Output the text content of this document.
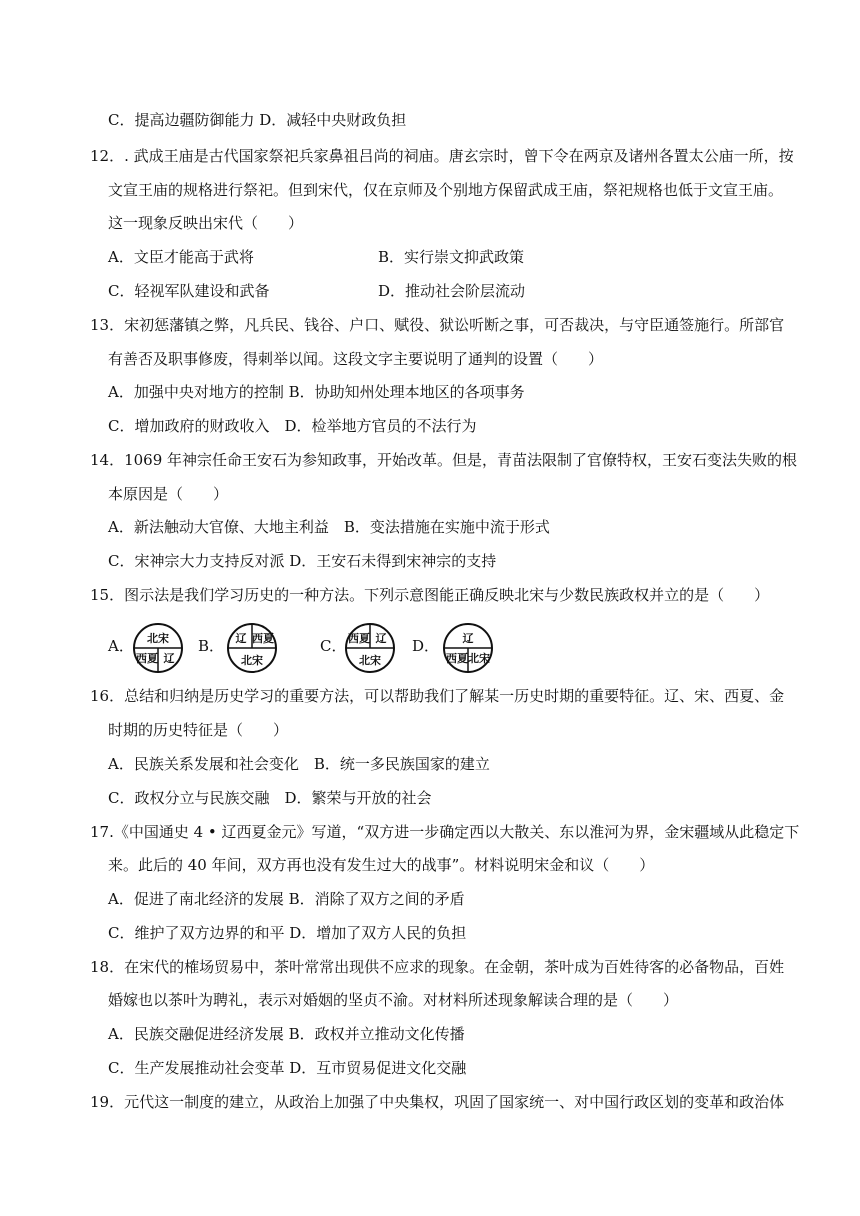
C．提高边疆防御能力 D．减轻中央财政负担
12．. 武成王庙是古代国家祭祀兵家鼻祖吕尚的祠庙。唐玄宗时，曾下令在两京及诸州各置太公庙一所，按
文宣王庙的规格进行祭祀。但到宋代，仅在京师及个别地方保留武成王庙，祭祀规格也低于文宣王庙。
这一现象反映出宋代（　　）
A．文臣才能高于武将	B．实行崇文抑武政策
C．轻视军队建设和武备	D．推动社会阶层流动
13．宋初惩藩镇之弊，凡兵民、钱谷、户口、赋役、狱讼听断之事，可否裁决，与守臣通签施行。所部官
有善否及职事修废，得刺举以闻。这段文字主要说明了通判的设置（　　）
A．加强中央对地方的控制 B．协助知州处理本地区的各项事务
C．增加政府的财政收入　D．检举地方官员的不法行为
14．1069 年神宗任命王安石为参知政事，开始改革。但是，青苗法限制了官僚特权，王安石变法失败的根
本原因是（　　）
A．新法触动大官僚、大地主利益　B．变法措施在实施中流于形式
C．宋神宗大力支持反对派 D．王安石未得到宋神宗的支持
15．图示法是我们学习历史的一种方法。下列示意图能正确反映北宋与少数民族政权并立的是（　　）
A． 北宋
西夏 辽
B． 辽 西夏
北宋
C． 西夏 辽
北宋
D． 辽
西夏 北宋
16．总结和归纳是历史学习的重要方法，可以帮助我们了解某一历史时期的重要特征。辽、宋、西夏、金
时期的历史特征是（　　）
A．民族关系发展和社会变化　B．统一多民族国家的建立
C．政权分立与民族交融　D．繁荣与开放的社会
17.《中国通史 4 • 辽西夏金元》写道，“双方进一步确定西以大散关、东以淮河为界，金宋疆域从此稳定下
来。此后的 40 年间，双方再也没有发生过大的战事”。材料说明宋金和议（　　）
A．促进了南北经济的发展 B．消除了双方之间的矛盾
C．维护了双方边界的和平 D．增加了双方人民的负担
18．在宋代的榷场贸易中，茶叶常常出现供不应求的现象。在金朝，茶叶成为百姓待客的必备物品，百姓
婚嫁也以茶叶为聘礼，表示对婚姻的坚贞不渝。对材料所述现象解读合理的是（　　）
A．民族交融促进经济发展 B．政权并立推动文化传播
C．生产发展推动社会变革 D．互市贸易促进文化交融
19．元代这一制度的建立，从政治上加强了中央集权，巩固了国家统一、对中国行政区划的变革和政治体
